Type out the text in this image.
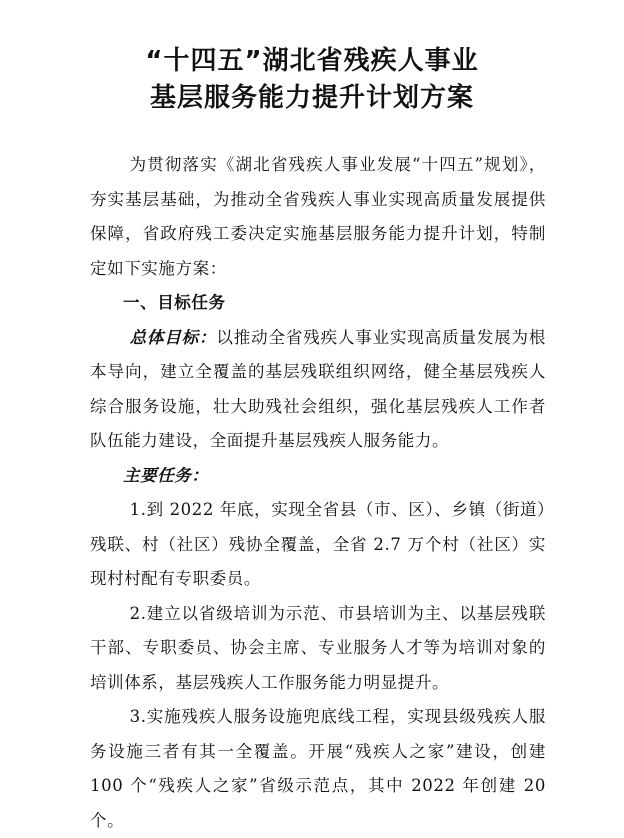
“十四五”湖北省残疾人事业
基层服务能力提升计划方案

为贯彻落实《湖北省残疾人事业发展“十四五”规划》，夯实基层基础，为推动全省残疾人事业实现高质量发展提供保障，省政府残工委决定实施基层服务能力提升计划，特制定如下实施方案：

一、目标任务

总体目标：以推动全省残疾人事业实现高质量发展为根本导向，建立全覆盖的基层残联组织网络，健全基层残疾人综合服务设施，壮大助残社会组织，强化基层残疾人工作者队伍能力建设，全面提升基层残疾人服务能力。

主要任务：

1.到 2022 年底，实现全省县（市、区）、乡镇（街道）残联、村（社区）残协全覆盖，全省 2.7 万个村（社区）实现村村配有专职委员。

2.建立以省级培训为示范、市县培训为主、以基层残联干部、专职委员、协会主席、专业服务人才等为培训对象的培训体系，基层残疾人工作服务能力明显提升。

3.实施残疾人服务设施兜底线工程，实现县级残疾人服务设施三者有其一全覆盖。开展“残疾人之家”建设，创建 100 个“残疾人之家”省级示范点，其中 2022 年创建 20 个。
